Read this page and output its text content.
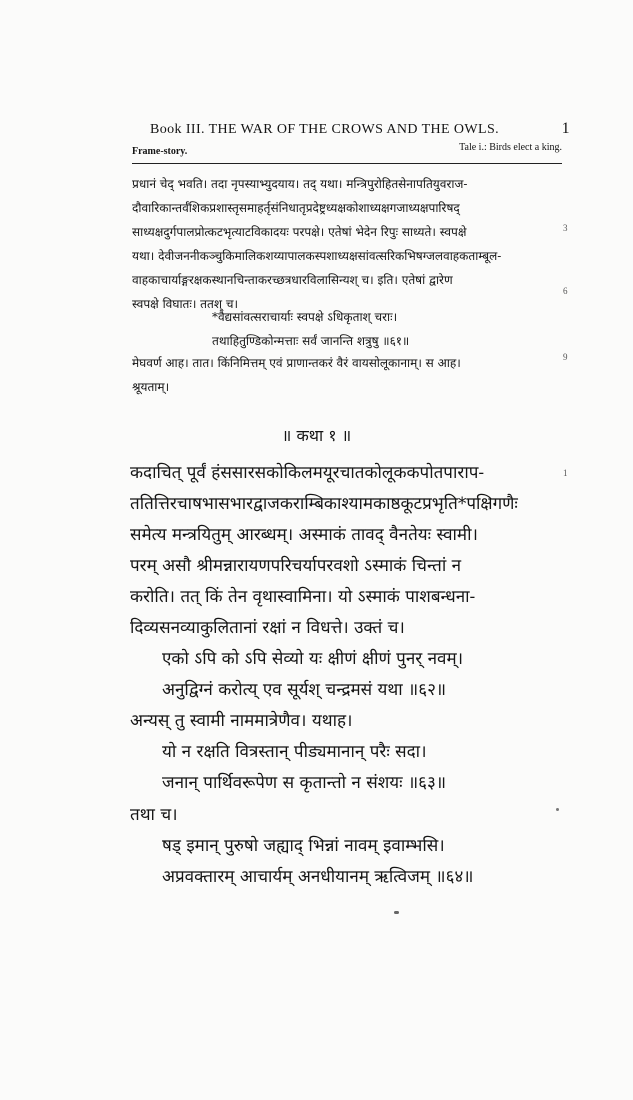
Book III. THE WAR OF THE CROWS AND THE OWLS.	1
Frame-story.	Tale i.: Birds elect a king.
प्रधानं चेद् भवति। तदा नृपस्याभ्युदयाय। तद् यथा। मन्त्रिपुरोहितसेनापतियुवराज-
दौवारिकान्तर्वंशिकप्रशास्तृसमाहर्तृसंनिधातृप्रदेष्ट्रध्यक्षकोशाध्यक्षगजाध्यक्षपारिषद्
साध्यक्षदुर्गपालप्रोत्कटभृत्याटविकादयः परपक्षे। एतेषां भेदेन रिपुः साध्यते। स्वपक्षे
यथा। देवीजननीकञ्चुकिमालिकशय्यापालकस्पशाध्यक्षसांवत्सरिकभिषग्जलवाहकताम्बूल-
वाहकाचार्याङ्गरक्षकस्थानचिन्ताकरच्छत्रधारविलासिन्यश् च। इति। एतेषां द्वारेण
स्वपक्षे विघातः। ततश् च।
3
6
9
*वैद्यसांवत्सराचार्याः स्वपक्षे ऽधिकृताश् चराः।
तथाहितुण्डिकोन्मत्ताः सर्वं जानन्ति शत्रुषु ॥६१॥
मेघवर्ण आह। तात। किंनिमित्तम् एवं प्राणान्तकरं वैरं वायसोलूकानाम्। स आह।
श्रूयताम्।
॥ कथा १ ॥
1
कदाचित् पूर्वं हंससारसकोकिलमयूरचातकोलूककपोतपाराप-
ततित्तिरचाषभासभारद्वाजकराम्बिकाश्यामकाष्ठकूटप्रभृति*पक्षिगणैः
समेत्य मन्त्रयितुम् आरब्धम्। अस्माकं तावद् वैनतेयः स्वामी।
परम् असौ श्रीमन्नारायणपरिचर्यापरवशो ऽस्माकं चिन्तां न
करोति। तत् किं तेन वृथास्वामिना। यो ऽस्माकं पाशबन्धना-
दिव्यसनव्याकुलितानां रक्षां न विधत्ते। उक्तं च।
एको ऽपि को ऽपि सेव्यो यः क्षीणं क्षीणं पुनर् नवम्।
अनुद्विग्नं करोत्य् एव सूर्यश् चन्द्रमसं यथा ॥६२॥
अन्यस् तु स्वामी नाममात्रेणैव। यथाह।
यो न रक्षति वित्रस्तान् पीड्यमानान् परैः सदा।
जनान् पार्थिवरूपेण स कृतान्तो न संशयः ॥६३॥
तथा च।
षड् इमान् पुरुषो जह्याद् भिन्नां नावम् इवाम्भसि।
अप्रवक्तारम् आचार्यम् अनधीयानम् ऋत्विजम् ॥६४॥
